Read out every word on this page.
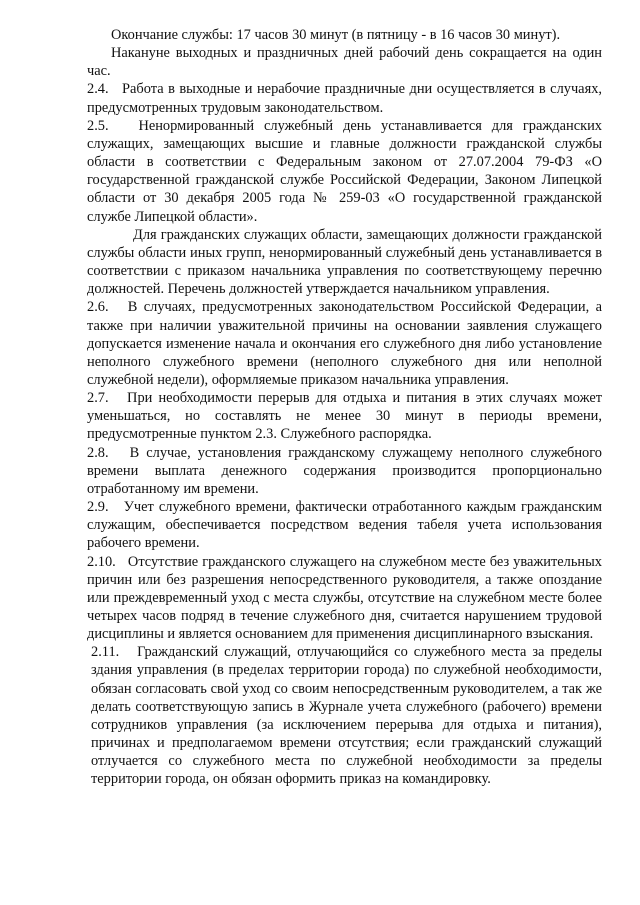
Окончание службы: 17 часов 30 минут (в пятницу - в 16 часов 30 минут).

Накануне выходных и праздничных дней рабочий день сокращается на один час.

2.4. Работа в выходные и нерабочие праздничные дни осуществляется в случаях, предусмотренных трудовым законодательством.

2.5. Ненормированный служебный день устанавливается для гражданских служащих, замещающих высшие и главные должности гражданской службы области в соответствии с Федеральным законом от 27.07.2004 79-ФЗ «О государственной гражданской службе Российской Федерации, Законом Липецкой области от 30 декабря 2005 года № 259-03 «О государственной гражданской службе Липецкой области».

Для гражданских служащих области, замещающих должности гражданской службы области иных групп, ненормированный служебный день устанавливается в соответствии с приказом начальника управления по соответствующему перечню должностей. Перечень должностей утверждается начальником управления.

2.6. В случаях, предусмотренных законодательством Российской Федерации, а также при наличии уважительной причины на основании заявления служащего допускается изменение начала и окончания его служебного дня либо установление неполного служебного времени (неполного служебного дня или неполной служебной недели), оформляемые приказом начальника управления.

2.7. При необходимости перерыв для отдыха и питания в этих случаях может уменьшаться, но составлять не менее 30 минут в периоды времени, предусмотренные пунктом 2.3. Служебного распорядка.

2.8. В случае, установления гражданскому служащему неполного служебного времени выплата денежного содержания производится пропорционально отработанному им времени.

2.9. Учет служебного времени, фактически отработанного каждым гражданским служащим, обеспечивается посредством ведения табеля учета использования рабочего времени.

2.10. Отсутствие гражданского служащего на служебном месте без уважительных причин или без разрешения непосредственного руководителя, а также опоздание или преждевременный уход с места службы, отсутствие на служебном месте более четырех часов подряд в течение служебного дня, считается нарушением трудовой дисциплины и является основанием для применения дисциплинарного взыскания.

2.11. Гражданский служащий, отлучающийся со служебного места за пределы здания управления (в пределах территории города) по служебной необходимости, обязан согласовать свой уход со своим непосредственным руководителем, а так же делать соответствующую запись в Журнале учета служебного (рабочего) времени сотрудников управления (за исключением перерыва для отдыха и питания), причинах и предполагаемом времени отсутствия; если гражданский служащий отлучается со служебного места по служебной необходимости за пределы территории города, он обязан оформить приказ на командировку.
